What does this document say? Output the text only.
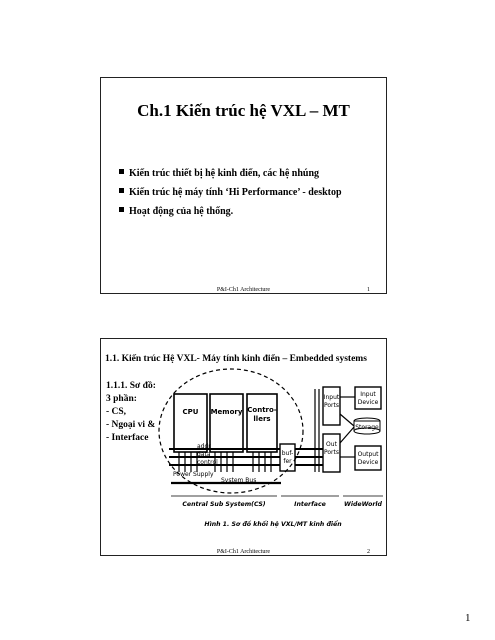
Ch.1 Kiến trúc hệ VXL – MT
Kiến trúc thiết bị hệ kinh điển, các hệ nhúng
Kiến trúc hệ máy tính ‘Hi Performance’ - desktop
Hoạt động của hệ thống.
P&I-Ch1 Architecture	1
CPU Memory Contro-
llers
addr
data
control
Power Supply
System Bus
buf-
fer
Input
Ports
Out
Ports
Input
Device
Storage
Output
Device
Central Sub System(CS)	Interface	WideWorld
Hình 1. Sơ đồ khối hệ VXL/MT kinh điển
1.1. Kiến trúc Hệ VXL- Máy tính kinh điển – Embedded systems
1.1.1. Sơ đồ:
3 phần:
- CS,
- Ngoại vi &
- Interface
P&I-Ch1 Architecture	2
1
